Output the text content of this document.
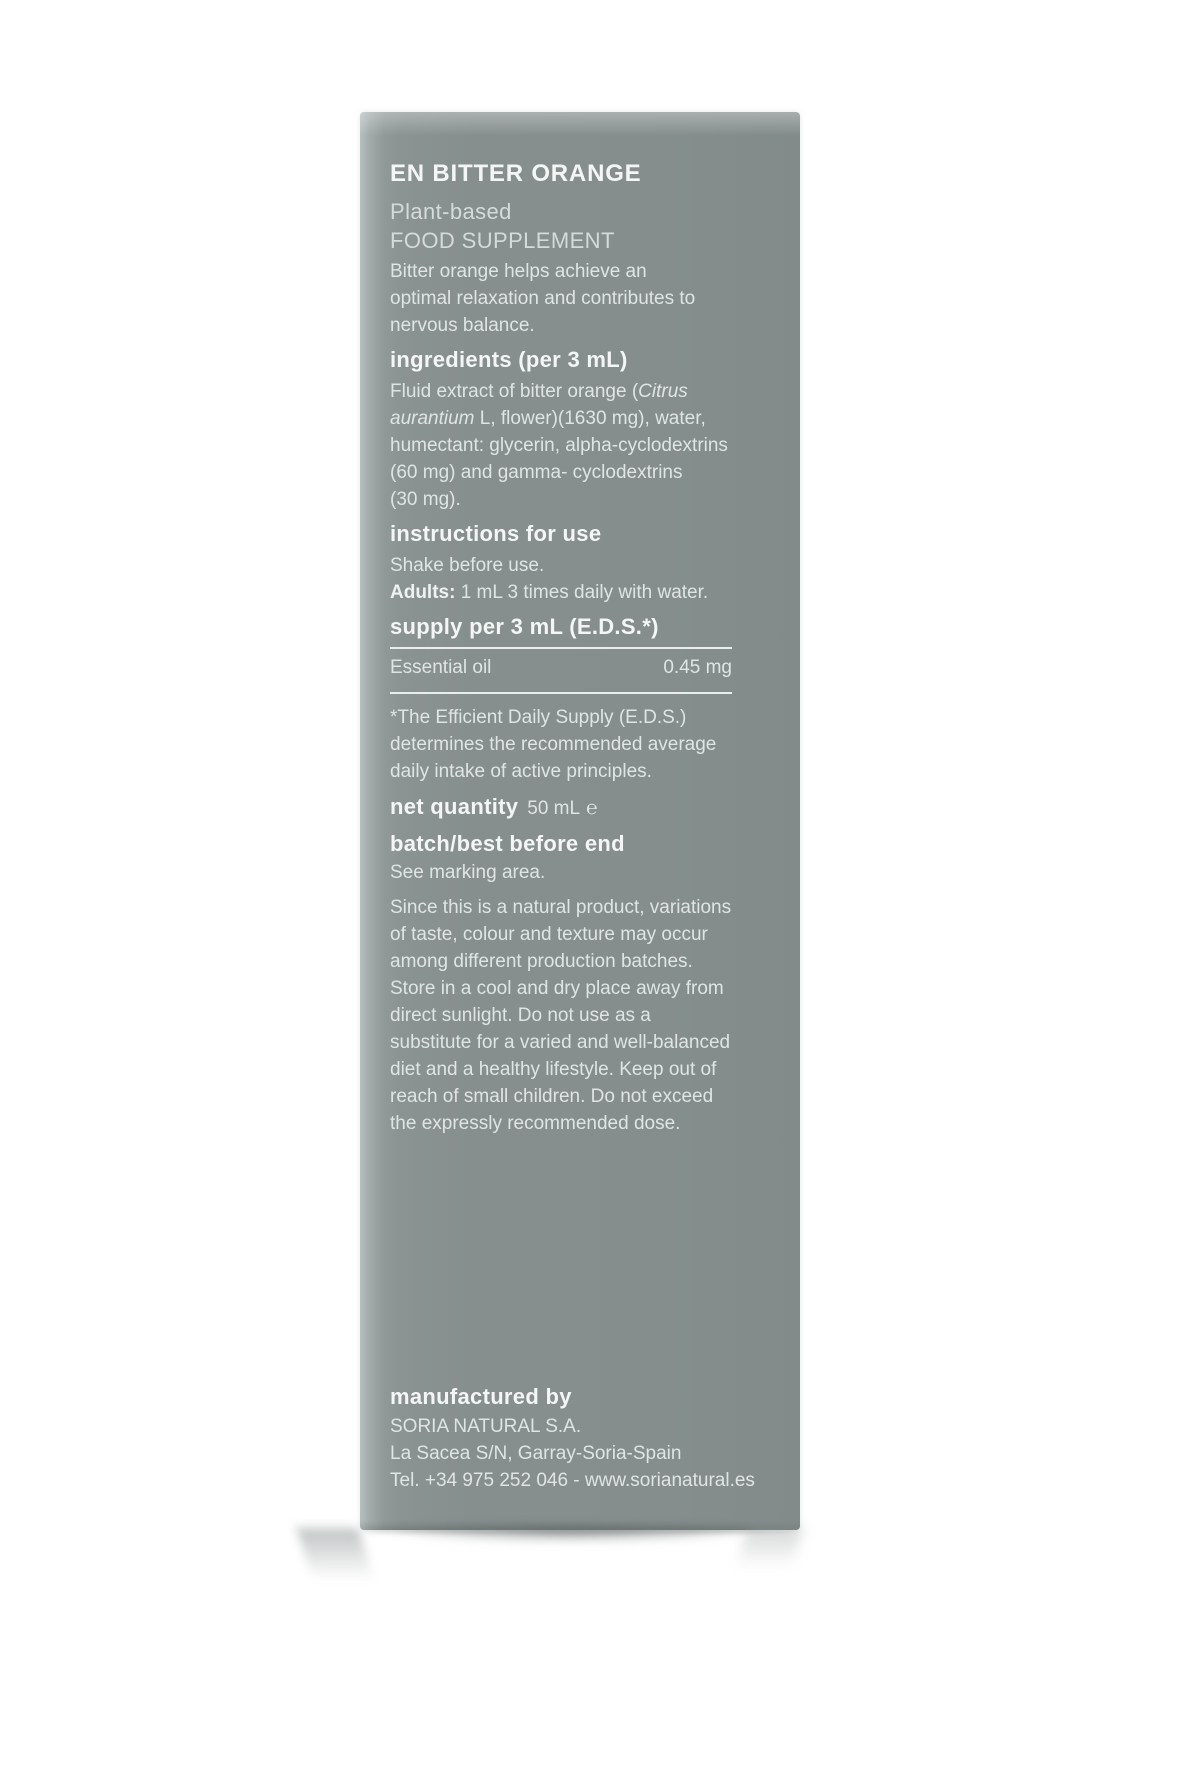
EN BITTER ORANGE
Plant-based
FOOD SUPPLEMENT
Bitter orange helps achieve an
optimal relaxation and contributes to
nervous balance.
ingredients (per 3 mL)
Fluid extract of bitter orange (Citrus
aurantium L, flower)(1630 mg), water,
humectant: glycerin, alpha-cyclodextrins
(60 mg) and gamma- cyclodextrins
(30 mg).
instructions for use
Shake before use.
Adults: 1 mL 3 times daily with water.
supply per 3 mL (E.D.S.*)
Essential oil	0.45 mg
*The Efficient Daily Supply (E.D.S.)
determines the recommended average
daily intake of active principles.
net quantity 50 mL ℮
batch/best before end
See marking area.
Since this is a natural product, variations
of taste, colour and texture may occur
among different production batches.
Store in a cool and dry place away from
direct sunlight. Do not use as a
substitute for a varied and well-balanced
diet and a healthy lifestyle. Keep out of
reach of small children. Do not exceed
the expressly recommended dose.
manufactured by
SORIA NATURAL S.A.
La Sacea S/N, Garray-Soria-Spain
Tel. +34 975 252 046 - www.sorianatural.es
